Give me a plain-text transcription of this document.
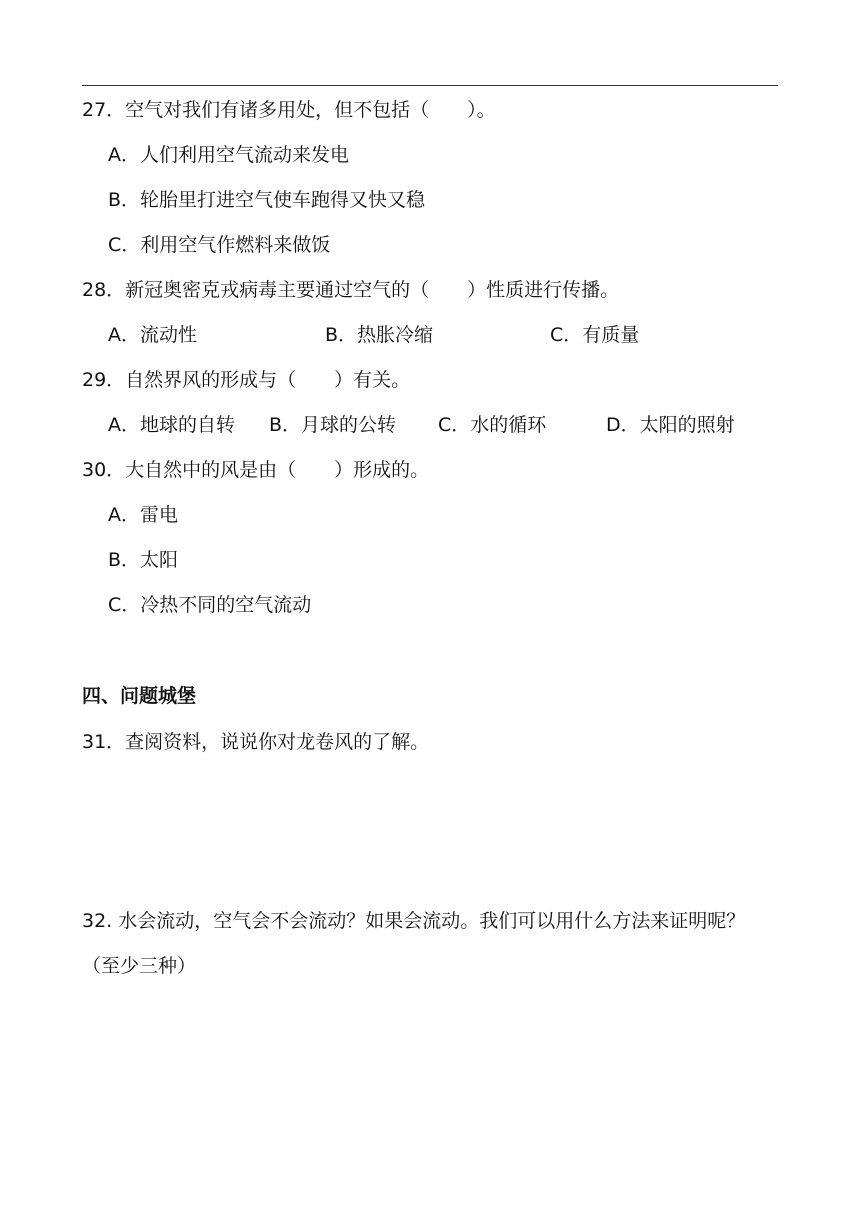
27．空气对我们有诸多用处，但不包括（　　）。
A．人们利用空气流动来发电
B．轮胎里打进空气使车跑得又快又稳
C．利用空气作燃料来做饭
28．新冠奥密克戎病毒主要通过空气的（　　）性质进行传播。
A．流动性	B．热胀冷缩	C．有质量
29．自然界风的形成与（　　）有关。
A．地球的自转 B．月球的公转 C．水的循环	D．太阳的照射
30．大自然中的风是由（　　）形成的。
A．雷电
B．太阳
C．冷热不同的空气流动
四、问题城堡
31．查阅资料，说说你对龙卷风的了解。
32. 水会流动，空气会不会流动？如果会流动。我们可以用什么方法来证明呢？
（至少三种）
